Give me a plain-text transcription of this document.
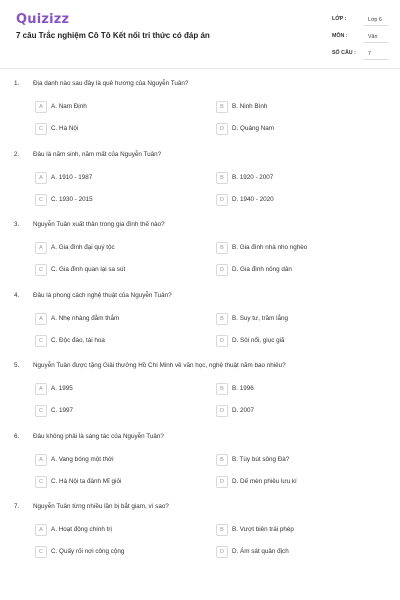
Quizizz
7 câu Trắc nghiệm Cô Tô Kết nối tri thức có đáp án
LỚP :	Lớp 6
MÔN :	Văn
SỐ CÂU :	7
1. Địa danh nào sau đây là quê hương của Nguyễn Tuân?
A	A. Nam Định	B	B. Ninh Bình
C	C. Hà Nội	D	D. Quảng Nam
2. Đâu là năm sinh, năm mất của Nguyễn Tuân?
A	A. 1910 - 1987	B	B. 1920 - 2007
C	C. 1930 - 2015	D	D. 1940 - 2020
3. Nguyễn Tuân xuất thân trong gia đình thế nào?
A	A. Gia đình đại quý tộc	B	B. Gia đình nhà nho nghèo
C	C. Gia đình quan lại sa sút	D	D. Gia đình nông dân
4. Đâu là phong cách nghệ thuật của Nguyễn Tuân?
A	A. Nhẹ nhàng đằm thắm	B	B. Suy tư, trầm lắng
C	C. Độc đáo, tài hoa	D	D. Sôi nổi, giục giã
5. Nguyễn Tuân được tặng Giải thưởng Hồ Chí Minh về văn học, nghệ thuật năm bao nhiêu?
A	A. 1995	B	B. 1996
C	C. 1997	D	D. 2007
6. Đâu không phải là sáng tác của Nguyễn Tuân?
A	A. Vang bóng một thời	B	B. Tùy bút sông Đà?
C	C. Hà Nội ta đánh Mĩ giỏi	D	D. Dế mèn phiêu lưu kí
7. Nguyễn Tuân từng nhiều lần bị bắt giam, vì sao?
A	A. Hoạt động chính trị	B	B. Vượt biên trái phép
C	C. Quấy rối nơi công cộng	D	D. Ám sát quân địch
